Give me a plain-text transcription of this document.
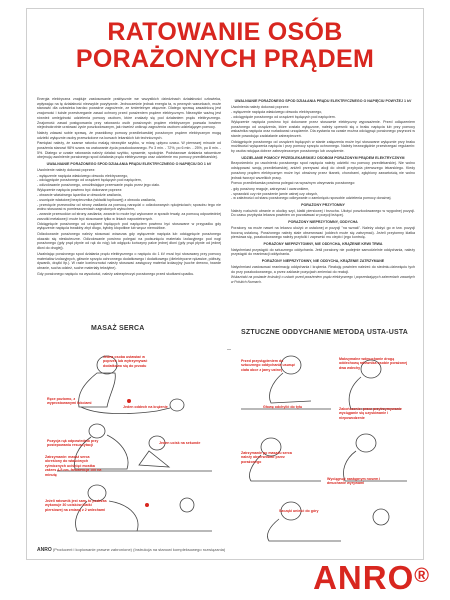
RATOWANIE OSÓB
PORAŻONYCH PRĄDEM

Energia elektryczna znajduje zastosowanie praktycznie we wszystkich dziedzinach działalności człowieka, wpływając na tę działalność niezwykle pozytywnie. Jednocześnie jednak energia ta, w pewnych warunkach, może stanowić dla człowieka bardzo poważne zagrożenie, ze śmiertelnym włącznie. Dlatego sprawą zasadniczą jest znajomość i ścisłe przestrzeganie zasad ochrony przed porażeniem prądem elektrycznym. Niezwykle ważną jest również umiejętność udzielenia pomocy osobom, które znalazły się pod działaniem prądu elektrycznego. Znajomość zasad postępowania przy ratowaniu osób porażonych prądem elektrycznym pozwala bowiem niejednokrotnie uratować życie poszkodowanym, jak również uniknąć zagrożenia osobom udzielającym pomocy.

Należy zdawać sobie sprawę, że prawidłowy pomocy przedlekarskiej porażonym prądem elektrycznym mogą udzielić wyłącznie osoby przeszkolone na kursach lekarskich lub technicznych.

Pamiętać należy, że szanse ratunku malają niezwykle szybko, w miarę upływu czasu. W pierwszej minucie od porażenia stanowi 98% szans na uratowanie życia poszkodowanego. Po 3 min. - 72%, po 6 min. - 25%, po 8 min. - 5%. Dlatego w czasie ratowania należy działać szybko, sprawnie, spokojnie. Podstawowe działania ratownicze obejmują uwolnienie porażonego spod działania prądu elektrycznego oraz udzielenie mu pomocy przedlekarskiej.

UWALNIANIE PORAŻONEGO SPOD DZIAŁANIA PRĄDU ELEKTRYCZNEGO O NAPIĘCIU DO 1 kV

Uwolnienie należy dokonać poprzez:

- wyłączenie napięcia właściwego obwodu elektrycznego,

- odciągnięcie porażonego od urządzeń będących pod napięciem,

- odizolowanie porażonego, umożliwiające przerwanie prądu przez jego ciało.

Wyłączenie napięcia powinno być dokonane poprzez:

- otwarcie właściwego łącznika w obwodzie zasilania,

- usunięcie właściwej bezpiecznika (wkładki topikowej) z obwodu zasilania,

- przecięcie przewodów od strony zasilania za pomocą narzędzi o odizolowanych rękojeściach; sposobu tego nie wolno stosować w pomieszczeniach zagrożonych wybuchem,

- zwarcie przewodów od strony zasilania; zwarcie to może być wykonane w sposób trwały, za pomocą odpowiedniej zarzutki metalowej i może być stosowane tylko w liniach napowietrznych.

Odciągnięcie porażonego od urządzeń będących pod napięciem powinno być stosowane w przypadku gdy wyłączenie napięcia trwałoby zbyt długo, byłoby kłopotliwe lub wręcz niemożliwe.

Odizolowanie porażonego należy stosować wówczas gdy wyłączenie napięcia lub odciągnięcie porażonego okazało się nieskuteczne. Odizolowanie powinno polegać na podsunięciu materiału izolacyjnego pod nogi porażonego (gdy prąd płynie od rąk do nóg) lub odgięciu kończyny palce jednej dłoni (gdy prąd płynie od jednej dłoni do drugiej).

Uwalniając porażonego spod działania prądu elektrycznego o napięciu do 1 kV musi być stosowany przy pomocy materiałów izolacyjnych, głównie sprzętu ochronnego dodatkowego i dodatkowego (dielektryczne rękawice, półbuty, dywanik, drążki itp.). W razie konieczności należy stosować zastępczy materiał izolacyjny (suche drewno, twarde ubranie, sucha odzież, suche materiały tekstylne).

Gdy porażonego napięciu na wysokości, należy zabezpieczyć porażonego przed skutkami upadku.

UWALNIANIE PORAŻONEGO SPOD DZIAŁANIA PRĄDU ELEKTRYCZNEGO O NAPIĘCIU POWYŻEJ 1 kV

Uwolnienia należy dokonać poprzez:

- wyłączenie napięcia właściwego obwodu elektrycznego,

- odciągnięcie porażonego od urządzeń będących pod napięciem.

Wyłączenie napięcia powinno być dokonane przez stosownie elektryczny wyposażenie. Przed odłączeniem porażonego od urządzenia, które zostało wyłączone, należy upewnić się o braku napięcia lub przy pomocy wskaźnika napięcia oraz rozładować urządzenie. Dla zystania na czasie można odciągnąć porażonego przyrzoni w stanie powodując zadziałanie zabezpieczeń.

Odciągnięcie porażonego od urządzeń będących w stanie załączenia może być stosowane wyłącznie przy braku możliwości wyłączenia napięcia i przy pomocy sprzętu ochronnego. Należy bezwzględnie przestrzegać regulamin: by osoba ratująca dobrze zabezpieczonym porażonego lub urządzenie.

UDZIELANIE POMOCY PRZEDLEKARSKIEJ OSOBOM PORAŻONYM PRĄDEM ELEKTRYCZNYM

Bezpośrednio po uwolnieniu porażonego spod napięcia należy udzielić mu pomocy przedlekarskiej. Nie wolno odstępować swoją przedlekarskiej, aniżeli przerywać akcji do chwili przybycia pierwszego lekarskiego. Kiedy porażony prądem elektrycznym może być obrażony przez tkanek, chorobami, zgłębiony zawartością nie wolno jednak tworzyć wszelkich pracy.

Pomoc przedlekarska powinna polegać na wyraźnym utrzymaniu porażonego:

- gdy porażony reaguje, zatrzymać i uwarunkiem,

- sprawdzić czy nie porażenie jamie ustnej czy obcych,

- w zależności od stanu porażonego odkrywanie o zamknięciu sposobie udzielenia pomocy doraźnej.

PORAŻONY PRZYTOMNY

Należy rozluźnić ubranie w okolicy szyi, klatki piersiowej i brzucha. Ułożyć poszkodowanego w wygodnej pozycji. Do czasu przybycia lekarza powinien on pozostawać w pozycji leżącej.

PORAŻONY NIEPRZYTOMNY, ODDYCHA

Porażony na może nawet na lekarzu ułożyć w ustalonej w pozycji "na wznak". Należy ułożyć go w tzw. pozycji boczną ustaloną. Porażonego należy stale obserwować (oddech może się zatrzymać). Jeżeli przytomny klatka piersiowa się, poszkodowanego należy przytulić i zapewnić mu ciepło i jego kontrolę.

PORAŻONY NIEPRZYTOMNY, NIE ODDYCHA, KRĄŻENIE KRWI TRWA

Natychmiast przystąpić do sztucznego oddychania. Jeśli porażony nie podejmie samodzielnie oddychania, należy przystąpić do reanimacji oddychania.

PORAŻONY NIEPRZYTOMNY, NIE ODDYCHA, KRĄŻENIE ZATRZYMANE

Natychmiast zastosować reanimację oddychania i krążenia. Reakcję powinien należeć do siedmiu-dziewięciu tych do przy poszkodowanego, a przez zaklasie pozycjach zmieniać do reakcji.

Wskazówki na postawie Instrukcji o ustach przed porażeniem prądu elektrycznego i poprzedzających zaleceniach zawartych w Polskich Normach.

MASAŻ SERCA
SZTUCZNE ODDYCHANIE METODĄ USTA-USTA
Jedna osoba ustawiać w poprzek lub wytrzymywać dodatkowo się do przodu
Ręce poziomo, z wyprostowanymi łokciami
Jeden oddech na krążenie
Pozycja rąk odpowiednio przy postepowaniu resuscytacji
Zatrzymanie: masaż serca określony do właściwych rytmicznych uciśnięć mostka zakres 4-5 cm, frekwencja 100 na minutę
Jeden ucisk na sekunde
Jeżeli ratownik jest sam, to podczas wykonuje 30 ucisków klatki piersiowej na zmianę z 2 wdechami
Przed przystąpieniem do sztucznego oddychania usunąć ciała obce z jamy ustnej
Głowę odchylić do tyłu
Maksymalne wdmuchanie drogą oddechową ratownika osobie porażonej dwa wdechy
Zakończenie: przez przytrzymywanie wyciąganie się uzyskiwanie i niepowodzenie
Zatrzymanie po masażu serca należy obserwować przez porażonego
Wyciągnąć następnym nosem i dmuchanie wyrywami
Szczęki unieść do góry
ANRO (Producent i kopiowanie prawne zabronione) (Instrukcja na stanowi kompleksowego rozwiązania)
ANRO®
